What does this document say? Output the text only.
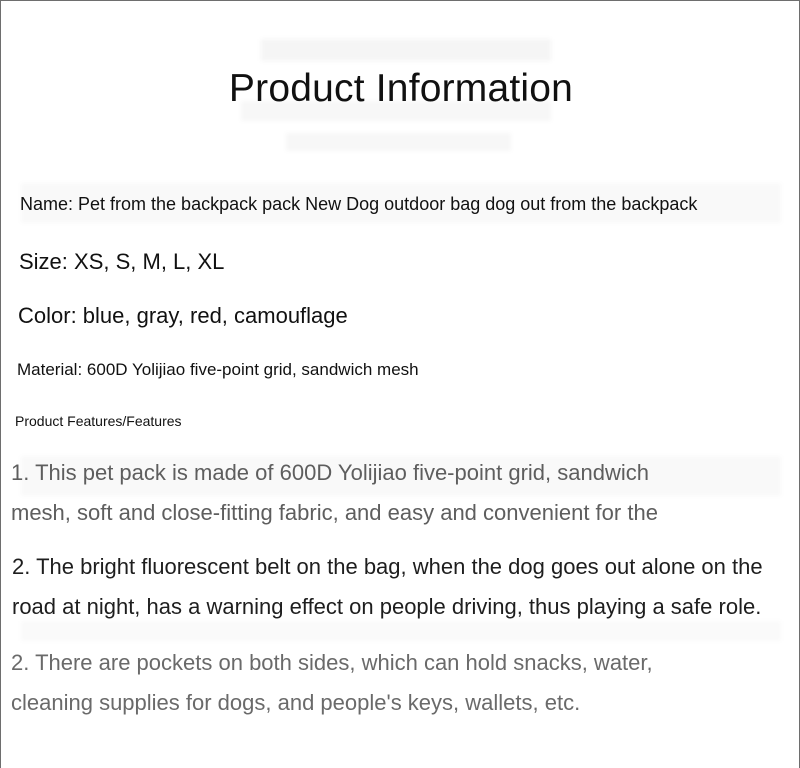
Product Information
Name: Pet from the backpack pack New Dog outdoor bag dog out from the backpack
Size: XS, S, M, L, XL
Color: blue, gray, red, camouflage
Material: 600D Yolijiao five-point grid, sandwich mesh
Product Features/Features
1. This pet pack is made of 600D Yolijiao five-point grid, sandwich
mesh, soft and close-fitting fabric, and easy and convenient for the
2. The bright fluorescent belt on the bag, when the dog goes out alone on the
road at night, has a warning effect on people driving, thus playing a safe role.
2. There are pockets on both sides, which can hold snacks, water,
cleaning supplies for dogs, and people's keys, wallets, etc.
